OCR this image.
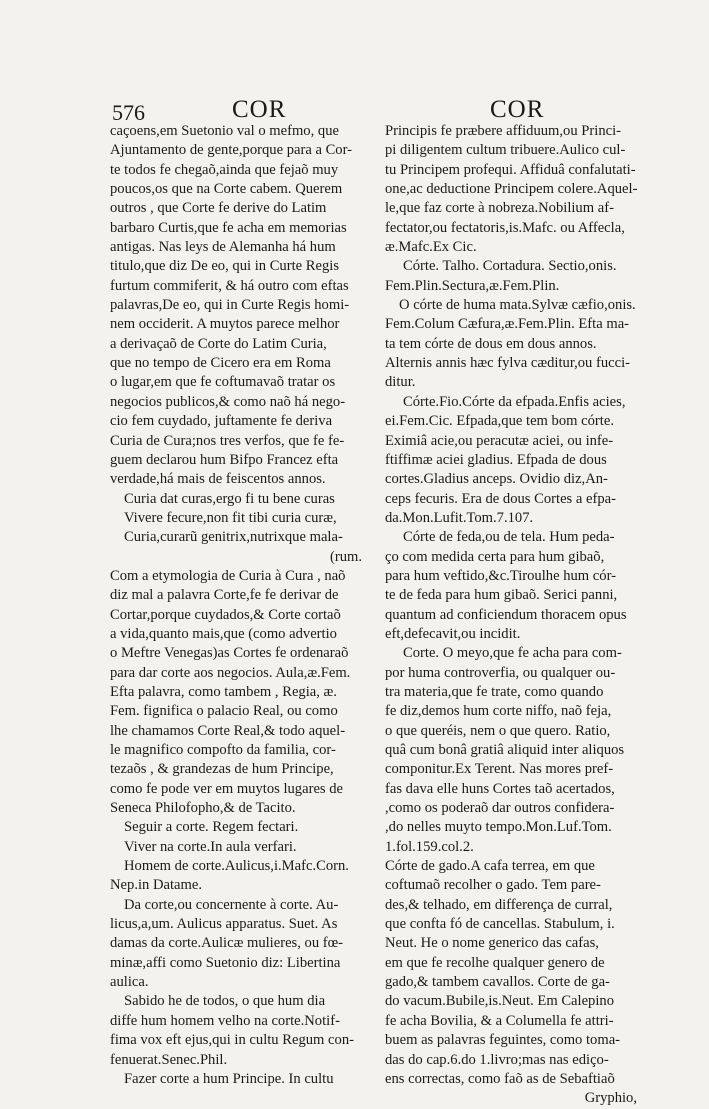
576	COR	COR
caçoens,em Suetonio val o mefmo, que
Ajuntamento de gente,porque para a Cor-
te todos fe chegaõ,ainda que fejaõ muy
poucos,os que na Corte cabem. Querem
outros , que Corte fe derive do Latim
barbaro Curtis,que fe acha em memorias
antigas. Nas leys de Alemanha há hum
titulo,que diz De eo, qui in Curte Regis
furtum commiferit, & há outro com eftas
palavras,De eo, qui in Curte Regis homi-
nem occiderit. A muytos parece melhor
a derivaçaõ de Corte do Latim Curia,
que no tempo de Cicero era em Roma
o lugar,em que fe coftumavaõ tratar os
negocios publicos,& como naõ há nego-
cio fem cuydado, juftamente fe deriva
Curia de Cura;nos tres verfos, que fe fe-
guem declarou hum Bifpo Francez efta
verdade,há mais de feiscentos annos.
Curia dat curas,ergo fi tu bene curas
Vivere fecure,non fit tibi curia curæ,
Curia,curarũ genitrix,nutrixque mala-
(rum.
Com a etymologia de Curia à Cura , naõ
diz mal a palavra Corte,fe fe derivar de
Cortar,porque cuydados,& Corte cortaõ
a vida,quanto mais,que (como advertio
o Meftre Venegas)as Cortes fe ordenaraõ
para dar corte aos negocios. Aula,æ.Fem.
Efta palavra, como tambem , Regia, æ.
Fem. fignifica o palacio Real, ou como
lhe chamamos Corte Real,& todo aquel-
le magnifico compofto da familia, cor-
tezaõs , & grandezas de hum Principe,
como fe pode ver em muytos lugares de
Seneca Philofopho,& de Tacito.
Seguir a corte. Regem fectari.
Viver na corte.In aula verfari.
Homem de corte.Aulicus,i.Mafc.Corn.
Nep.in Datame.
Da corte,ou concernente à corte. Au-
licus,a,um. Aulicus apparatus. Suet. As
damas da corte.Aulicæ mulieres, ou fœ-
minæ,affi como Suetonio diz: Libertina
aulica.
Sabido he de todos, o que hum dia
diffe hum homem velho na corte.Notif-
fima vox eft ejus,qui in cultu Regum con-
fenuerat.Senec.Phil.
Fazer corte a hum Principe. In cultu
Principis fe præbere affiduum,ou Princi-
pi diligentem cultum tribuere.Aulico cul-
tu Principem profequi. Affiduâ confalutati-
one,ac deductione Principem colere.Aquel-
le,que faz corte à nobreza.Nobilium af-
fectator,ou fectatoris,is.Mafc. ou Affecla,
æ.Mafc.Ex Cic.
Córte. Talho. Cortadura. Sectio,onis.
Fem.Plin.Sectura,æ.Fem.Plin.
O córte de huma mata.Sylvæ cæfio,onis.
Fem.Colum Cæfura,æ.Fem.Plin. Efta ma-
ta tem córte de dous em dous annos.
Alternis annis hæc fylva cæditur,ou fucci-
ditur.
Córte.Fio.Córte da efpada.Enfis acies,
ei.Fem.Cic. Efpada,que tem bom córte.
Eximiâ acie,ou peracutæ aciei, ou infe-
ftiffimæ aciei gladius. Efpada de dous
cortes.Gladius anceps. Ovidio diz,An-
ceps fecuris. Era de dous Cortes a efpa-
da.Mon.Lufit.Tom.7.107.
Córte de feda,ou de tela. Hum peda-
ço com medida certa para hum gibaõ,
para hum veftido,&c.Tiroulhe hum cór-
te de feda para hum gibaõ. Serici panni,
quantum ad conficiendum thoracem opus
eft,defecavit,ou incidit.
Corte. O meyo,que fe acha para com-
por huma controverfia, ou qualquer ou-
tra materia,que fe trate, como quando
fe diz,demos hum corte niffo, naõ feja,
o que queréis, nem o que quero. Ratio,
quâ cum bonâ gratiâ aliquid inter aliquos
componitur.Ex Terent. Nas mores pref-
fas dava elle huns Cortes taõ acertados,
,como os poderaõ dar outros confidera-
,do nelles muyto tempo.Mon.Luf.Tom.
1.fol.159.col.2.
Córte de gado.A cafa terrea, em que
coftumaõ recolher o gado. Tem pare-
des,& telhado, em differença de curral,
que confta fó de cancellas. Stabulum, i.
Neut. He o nome generico das cafas,
em que fe recolhe qualquer genero de
gado,& tambem cavallos. Corte de ga-
do vacum.Bubile,is.Neut. Em Calepino
fe acha Bovilia, & a Columella fe attri-
buem as palavras feguintes, como toma-
das do cap.6.do 1.livro;mas nas ediço-
ens correctas, como faõ as de Sebaftiaõ
Gryphio,
